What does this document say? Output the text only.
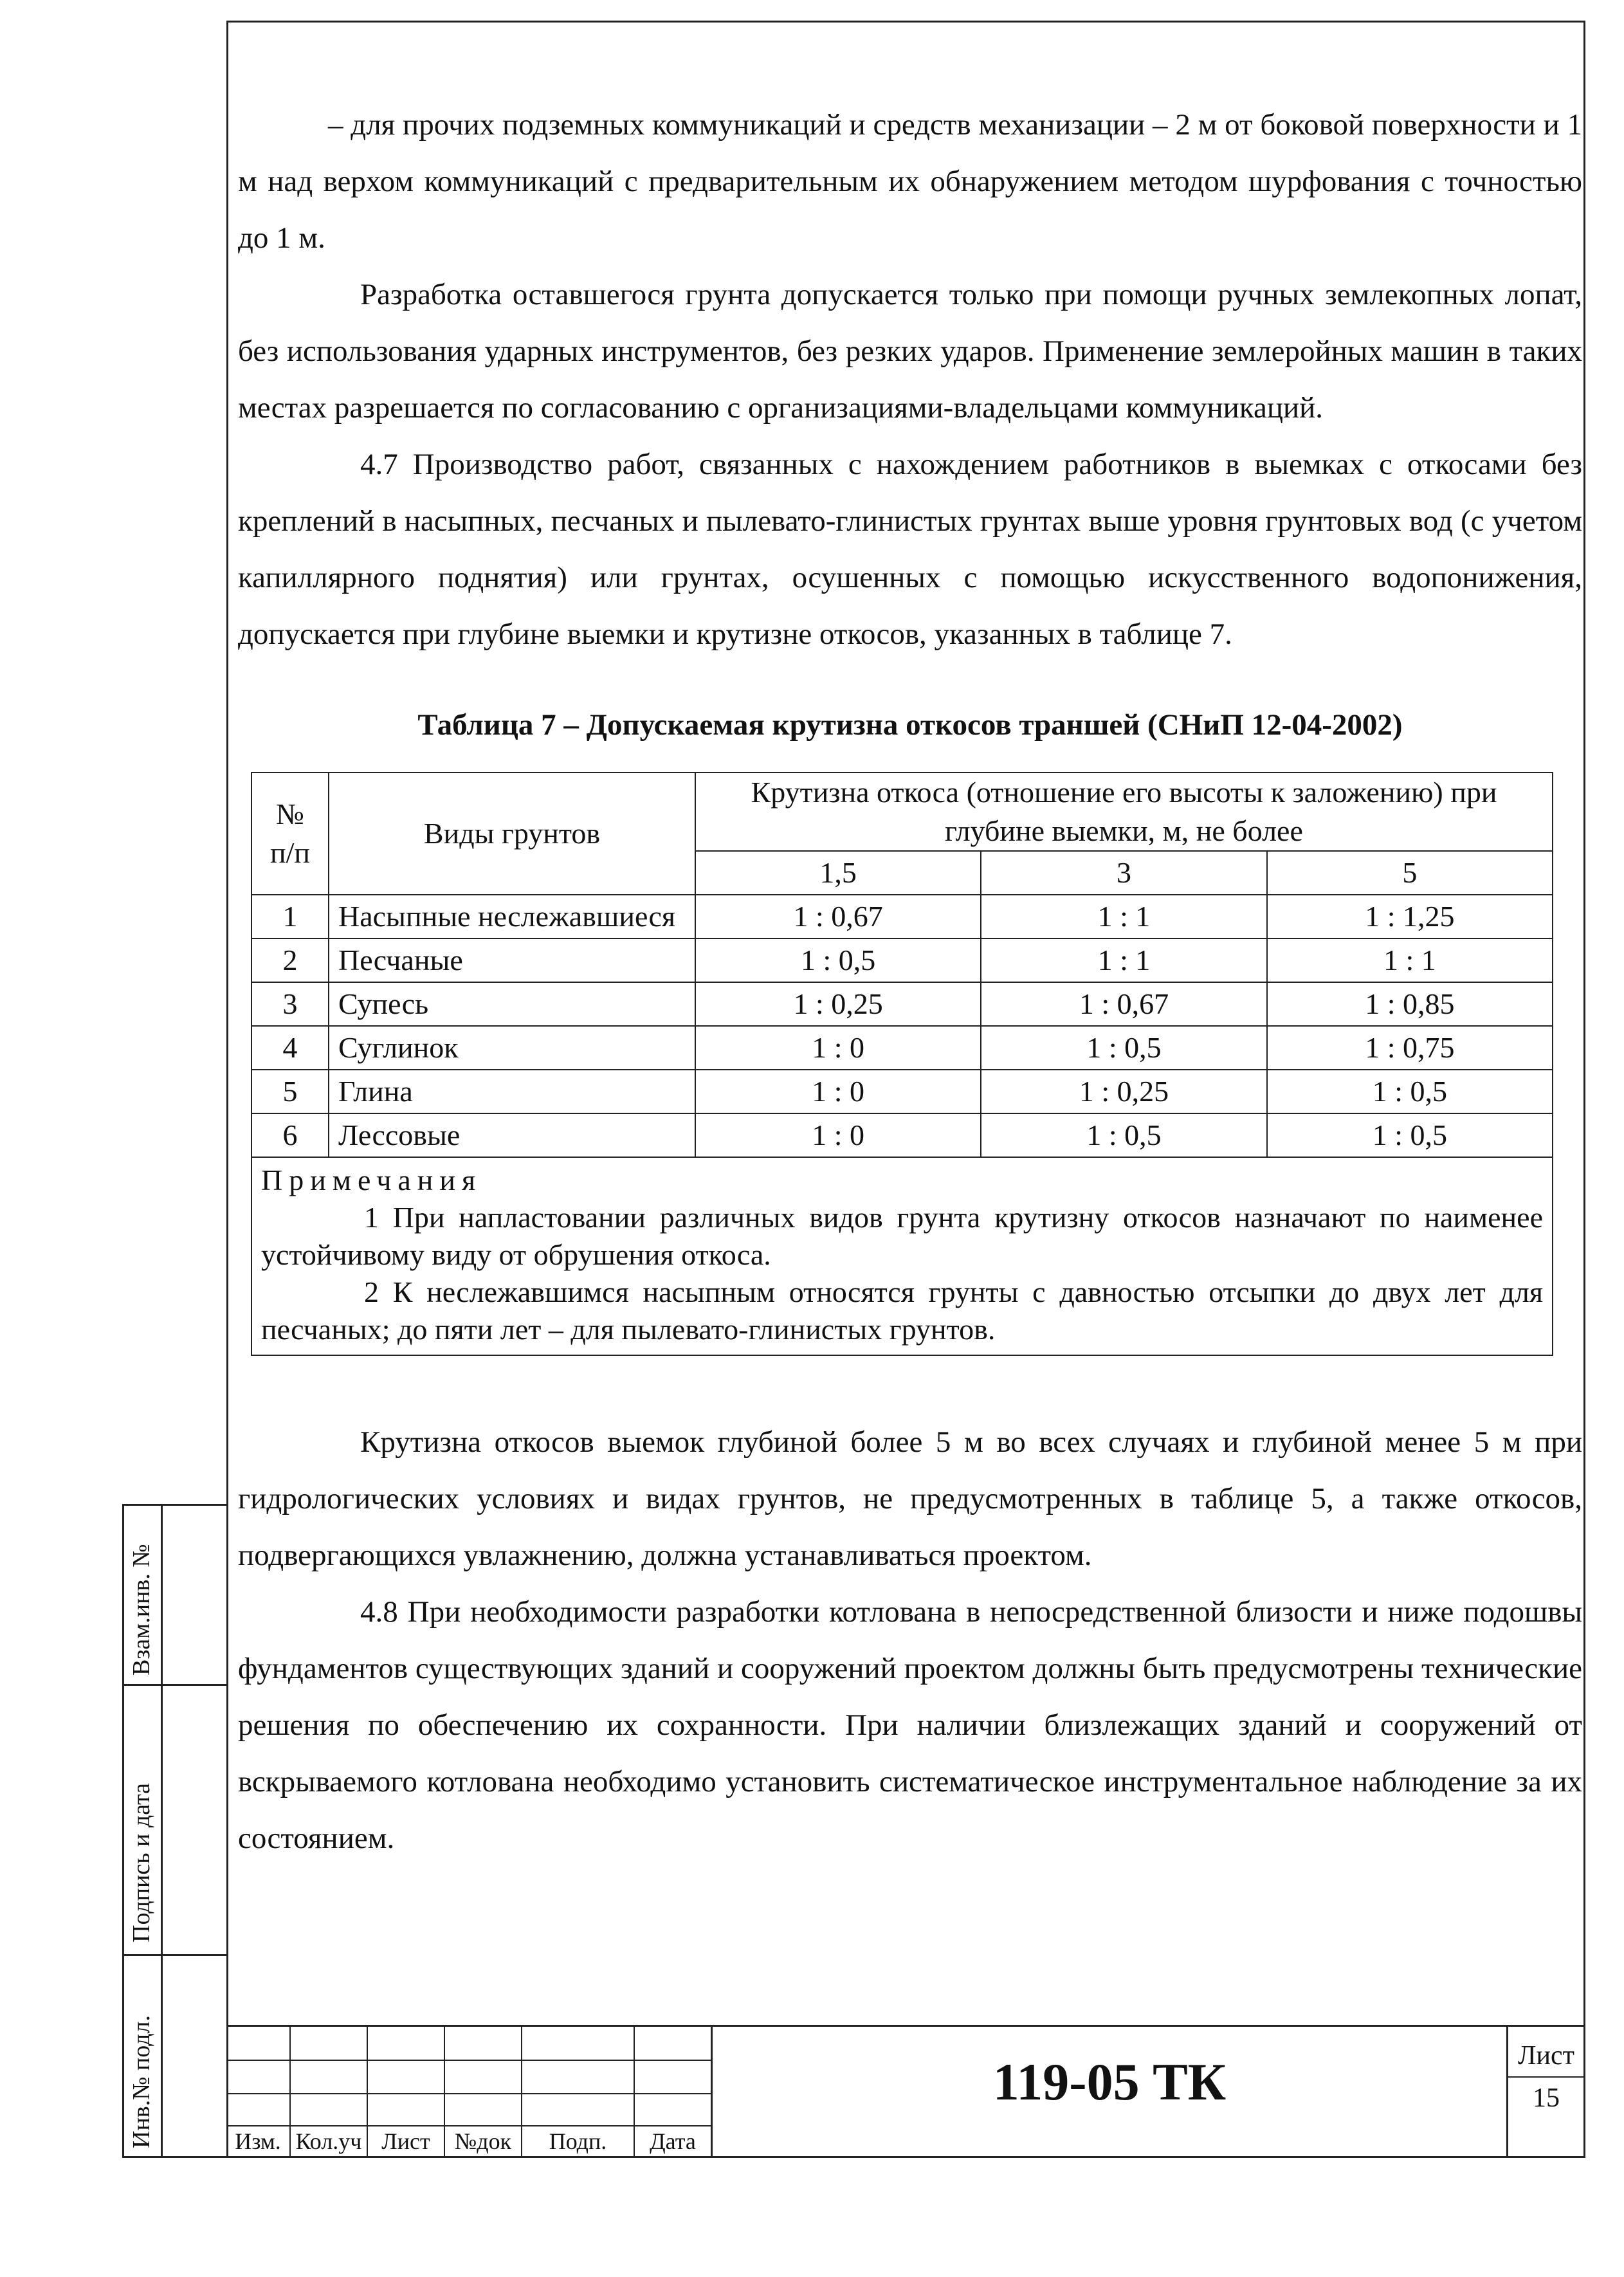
– для прочих подземных коммуникаций и средств механизации – 2 м от боковой поверхности и 1 м над верхом коммуникаций с предварительным их обнаружением методом шурфования с точностью до 1 м.

Разработка оставшегося грунта допускается только при помощи ручных землекопных лопат, без использования ударных инструментов, без резких ударов. Применение землеройных машин в таких местах разрешается по согласованию с организациями-владельцами коммуникаций.

4.7 Производство работ, связанных с нахождением работников в выемках с откосами без креплений в насыпных, песчаных и пылевато-глинистых грунтах выше уровня грунтовых вод (с учетом капиллярного поднятия) или грунтах, осушенных с помощью искусственного водопонижения, допускается при глубине выемки и крутизне откосов, указанных в таблице 7.

Таблица 7 – Допускаемая крутизна откосов траншей (СНиП 12-04-2002)
№
п/п	Виды грунтов	Крутизна откоса (отношение его высоты к заложению) при глубине выемки, м, не более		
		1,5	3	5
1	Насыпные неслежавшиеся	1 : 0,67	1 : 1	1 : 1,25
2	Песчаные	1 : 0,5	1 : 1	1 : 1
3	Супесь	1 : 0,25	1 : 0,67	1 : 0,85
4	Суглинок	1 : 0	1 : 0,5	1 : 0,75
5	Глина	1 : 0	1 : 0,25	1 : 0,5
6	Лессовые	1 : 0	1 : 0,5	1 : 0,5

Примечания
1 При напластовании различных видов грунта крутизну откосов назначают по наименее устойчивому виду от обрушения откоса.
2 К неслежавшимся насыпным относятся грунты с давностью отсыпки до двух лет для песчаных; до пяти лет – для пылевато-глинистых грунтов.				

Крутизна откосов выемок глубиной более 5 м во всех случаях и глубиной менее 5 м при гидрологических условиях и видах грунтов, не предусмотренных в таблице 5, а также откосов, подвергающихся увлажнению, должна устанавливаться проектом.

4.8 При необходимости разработки котлована в непосредственной близости и ниже подошвы фундаментов существующих зданий и сооружений проектом должны быть предусмотрены технические решения по обеспечению их сохранности. При наличии близлежащих зданий и сооружений от вскрываемого котлована необходимо установить систематическое инструментальное наблюдение за их состоянием.

Взам.инв. №
Подпись и дата
Инв.№ подл.	Изм. Кол.уч Лист	№док	Подп.	Дата
119-05 ТК	Лист
15
